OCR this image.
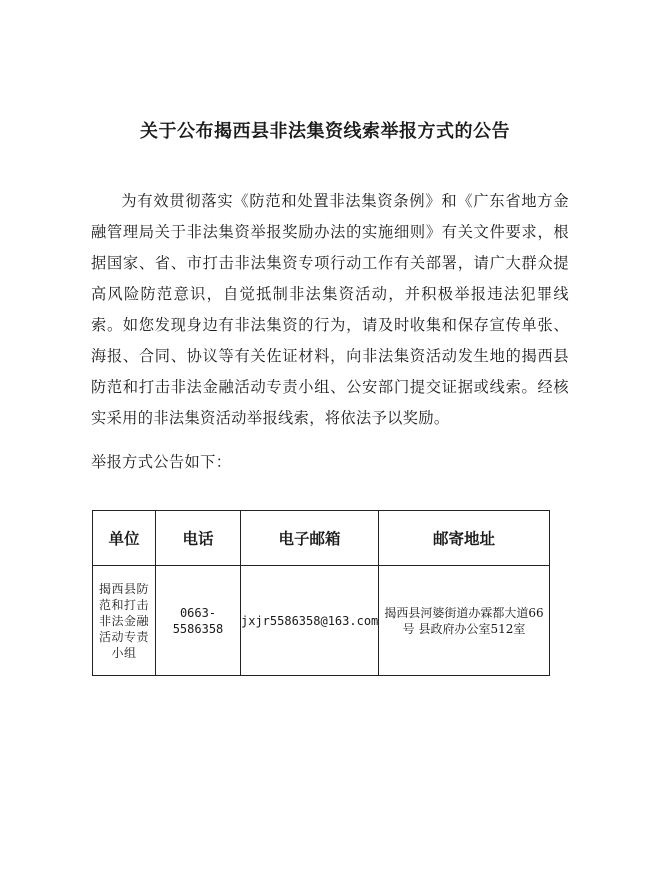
关于公布揭西县非法集资线索举报方式的公告

为有效贯彻落实《防范和处置非法集资条例》和《广东省地方金融管理局关于非法集资举报奖励办法的实施细则》有关文件要求，根据国家、省、市打击非法集资专项行动工作有关部署，请广大群众提高风险防范意识，自觉抵制非法集资活动，并积极举报违法犯罪线索。如您发现身边有非法集资的行为，请及时收集和保存宣传单张、海报、合同、协议等有关佐证材料，向非法集资活动发生地的揭西县防范和打击非法金融活动专责小组、公安部门提交证据或线索。经核实采用的非法集资活动举报线索，将依法予以奖励。

举报方式公告如下：
单位	电话	电子邮箱	邮寄地址

揭西县防范和打击非法金融活动专责小组	0663-5586358	jxjr5586358@163.com	揭西县河婆街道办霖都大道66号 县政府办公室512室
